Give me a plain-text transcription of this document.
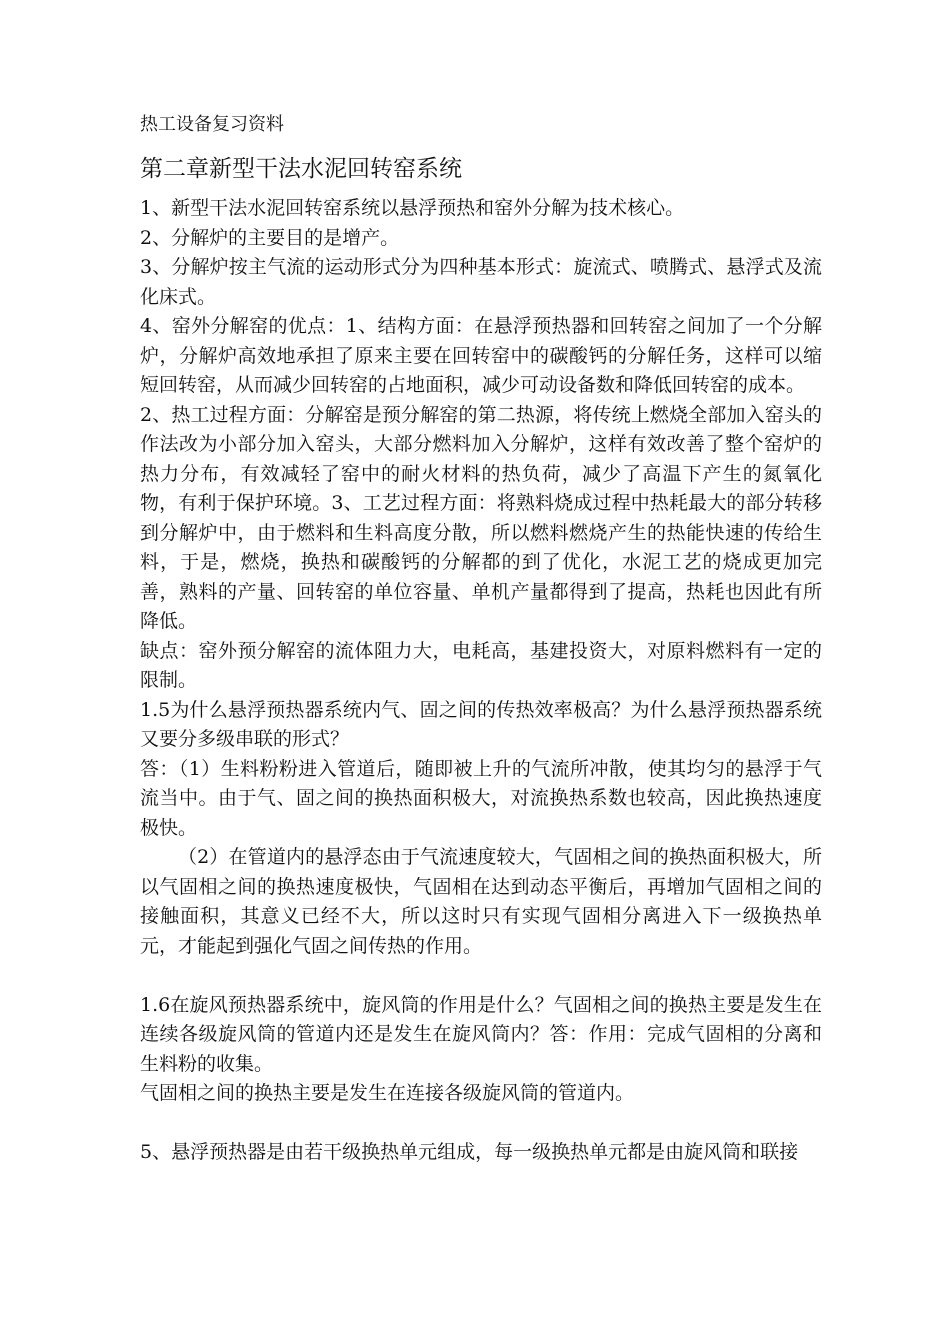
热工设备复习资料
第二章新型干法水泥回转窑系统

1、新型干法水泥回转窑系统以悬浮预热和窑外分解为技术核心。

2、分解炉的主要目的是增产。

3、分解炉按主气流的运动形式分为四种基本形式：旋流式、喷腾式、悬浮式及流化床式。

4、窑外分解窑的优点：1、结构方面：在悬浮预热器和回转窑之间加了一个分解炉，分解炉高效地承担了原来主要在回转窑中的碳酸钙的分解任务，这样可以缩短回转窑，从而减少回转窑的占地面积，减少可动设备数和降低回转窑的成本。

2、热工过程方面：分解窑是预分解窑的第二热源，将传统上燃烧全部加入窑头的作法改为小部分加入窑头，大部分燃料加入分解炉，这样有效改善了整个窑炉的热力分布，有效减轻了窑中的耐火材料的热负荷，减少了高温下产生的氮氧化物，有利于保护环境。3、工艺过程方面：将熟料烧成过程中热耗最大的部分转移到分解炉中，由于燃料和生料高度分散，所以燃料燃烧产生的热能快速的传给生料，于是，燃烧，换热和碳酸钙的分解都的到了优化，水泥工艺的烧成更加完善，熟料的产量、回转窑的单位容量、单机产量都得到了提高，热耗也因此有所降低。

缺点：窑外预分解窑的流体阻力大，电耗高，基建投资大，对原料燃料有一定的限制。

1.5为什么悬浮预热器系统内气、固之间的传热效率极高？为什么悬浮预热器系统又要分多级串联的形式？

答：（1）生料粉粉进入管道后，随即被上升的气流所冲散，使其均匀的悬浮于气流当中。由于气、固之间的换热面积极大，对流换热系数也较高，因此换热速度极快。

（2）在管道内的悬浮态由于气流速度较大，气固相之间的换热面积极大，所以气固相之间的换热速度极快，气固相在达到动态平衡后，再增加气固相之间的接触面积，其意义已经不大，所以这时只有实现气固相分离进入下一级换热单元，才能起到强化气固之间传热的作用。

1.6在旋风预热器系统中，旋风筒的作用是什么？气固相之间的换热主要是发生在连续各级旋风筒的管道内还是发生在旋风筒内？答：作用：完成气固相的分离和生料粉的收集。

气固相之间的换热主要是发生在连接各级旋风筒的管道内。

5、悬浮预热器是由若干级换热单元组成，每一级换热单元都是由旋风筒和联接
